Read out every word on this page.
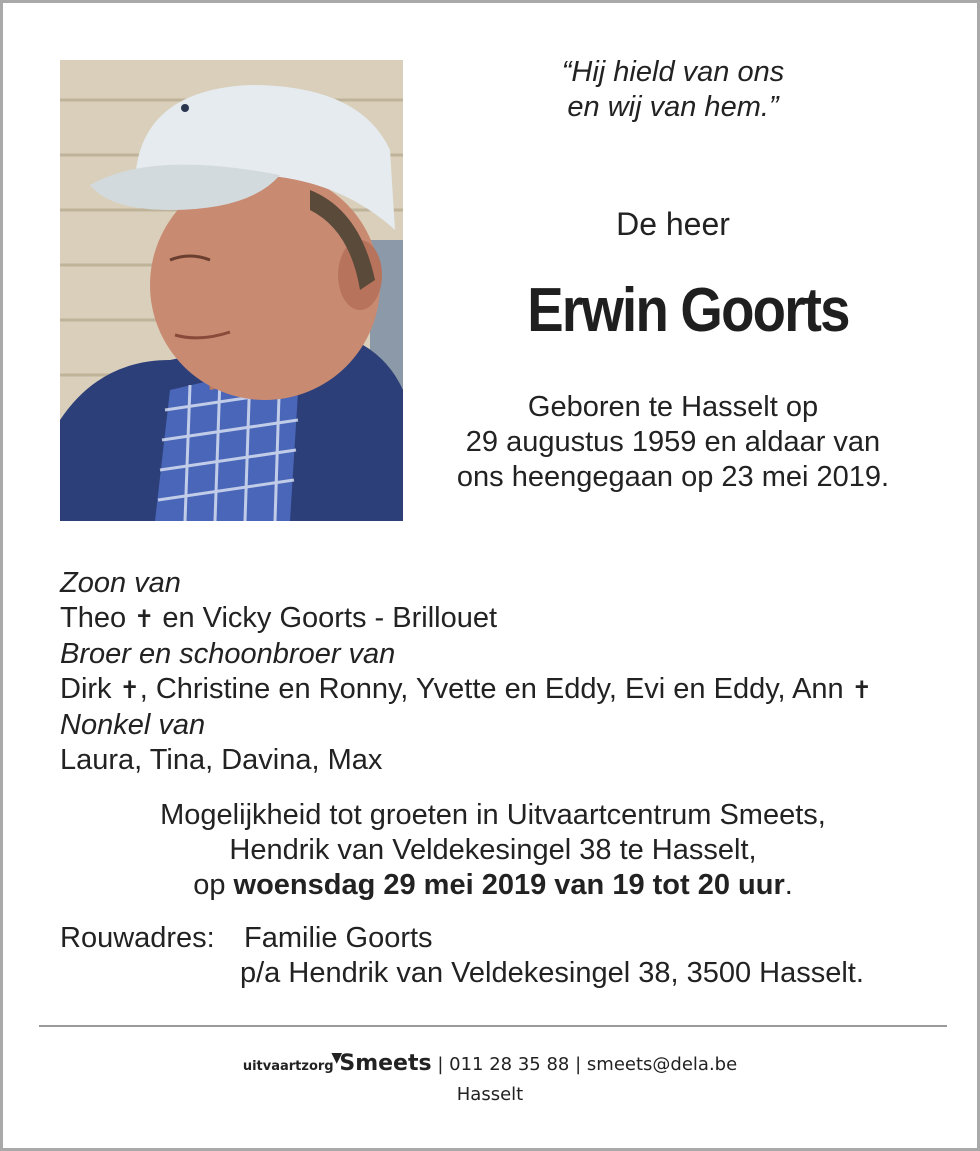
“Hij hield van ons
en wij van hem.”
De heer
Erwin Goorts
Geboren te Hasselt op
29 augustus 1959 en aldaar van
ons heengegaan op 23 mei 2019.
Zoon van
Theo ✝ en Vicky Goorts - Brillouet
Broer en schoonbroer van
Dirk ✝, Christine en Ronny, Yvette en Eddy, Evi en Eddy, Ann ✝
Nonkel van
Laura, Tina, Davina, Max
Mogelijkheid tot groeten in Uitvaartcentrum Smeets,
Hendrik van Veldekesingel 38 te Hasselt,
op woensdag 29 mei 2019 van 19 tot 20 uur.
Rouwadres: Familie Goorts
p/a Hendrik van Veldekesingel 38, 3500 Hasselt.
uitvaartzorg
▼
Smeets | 011 28 35 88 | smeets@dela.be
Hasselt
